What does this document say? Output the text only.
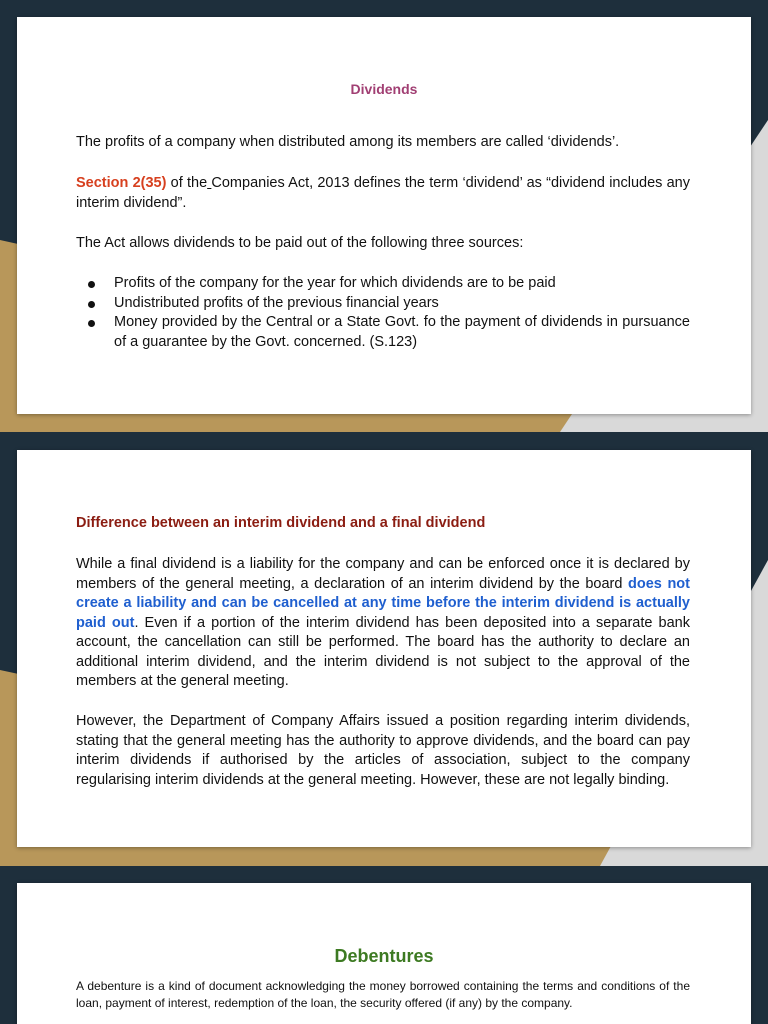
Dividends

The profits of a company when distributed among its members are called ‘dividends’.

Section 2(35) of the Companies Act, 2013 defines the term ‘dividend’ as “dividend includes any interim dividend”.

The Act allows dividends to be paid out of the following three sources:

Profits of the company for the year for which dividends are to be paid
Undistributed profits of the previous financial years
Money provided by the Central or a State Govt. fo the payment of dividends in pursuance of a guarantee by the Govt. concerned. (S.123)
Difference between an interim dividend and a final dividend

While a final dividend is a liability for the company and can be enforced once it is declared by members of the general meeting, a declaration of an interim dividend by the board does not create a liability and can be cancelled at any time before the interim dividend is actually paid out. Even if a portion of the interim dividend has been deposited into a separate bank account, the cancellation can still be performed. The board has the authority to declare an additional interim dividend, and the interim dividend is not subject to the approval of the members at the general meeting.

However, the Department of Company Affairs issued a position regarding interim dividends, stating that the general meeting has the authority to approve dividends, and the board can pay interim dividends if authorised by the articles of association, subject to the company regularising interim dividends at the general meeting. However, these are not legally binding.

Debentures

A debenture is a kind of document acknowledging the money borrowed containing the terms and conditions of the loan, payment of interest, redemption of the loan, the security offered (if any) by the company.
